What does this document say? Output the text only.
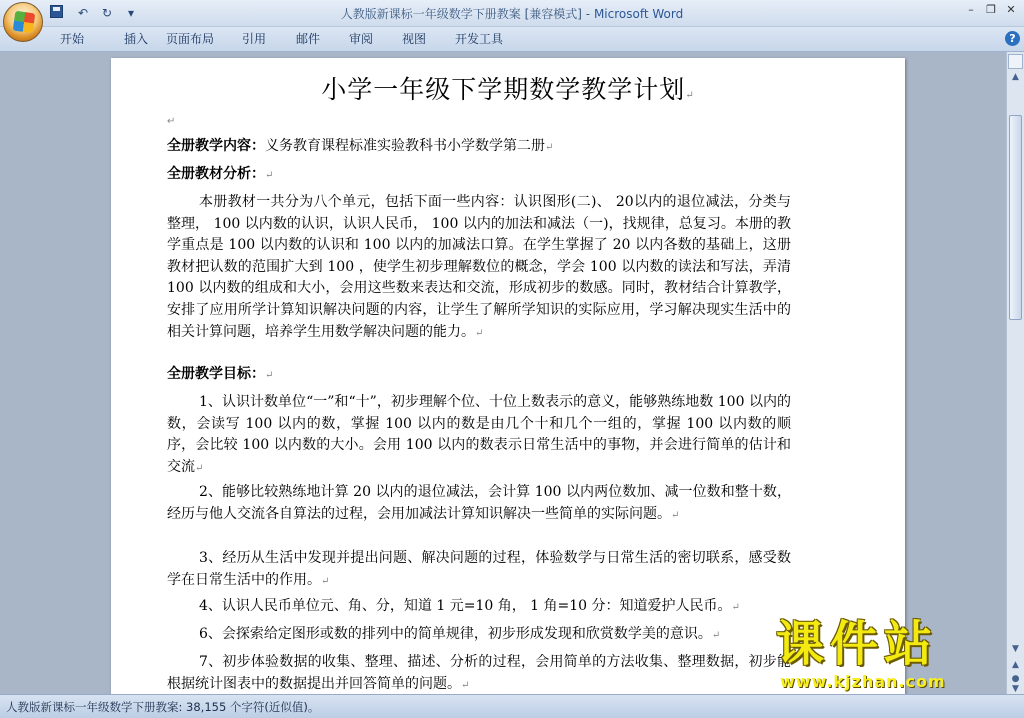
↶	↻	▾	人教版新课标一年级数学下册教案 [兼容模式] - Microsoft Word	–	❐ ✕
开始	插入	页面布局	引用	邮件	审阅	视图	开发工具	?
小学一年级下学期数学教学计划↵
↵
全册教学内容：义务教育课程标准实验教科书小学数学第二册↵
全册教材分析：↵
本册教材一共分为八个单元，包括下面一些内容：认识图形(二)、 20以内的退位减法，分类与整理， 100 以内数的认识，认识人民币， 100 以内的加法和减法（一)，找规律，总复习。本册的教学重点是 100 以内数的认识和 100 以内的加减法口算。在学生掌握了 20 以内各数的基础上，这册教材把认数的范围扩大到 100 ，使学生初步理解数位的概念，学会 100 以内数的读法和写法，弄清 100 以内数的组成和大小，会用这些数来表达和交流，形成初步的数感。同时，教材结合计算教学，安排了应用所学计算知识解决问题的内容，让学生了解所学知识的实际应用，学习解决现实生活中的相关计算问题，培养学生用数学解决问题的能力。↵
全册教学目标：↵
1、认识计数单位“一”和“十”，初步理解个位、十位上数表示的意义，能够熟练地数 100 以内的数，会读写 100 以内的数，掌握 100 以内的数是由几个十和几个一组的，掌握 100 以内数的顺序，会比较 100 以内数的大小。会用 100 以内的数表示日常生活中的事物，并会进行简单的估计和交流↵
2、能够比较熟练地计算 20 以内的退位减法，会计算 100 以内两位数加、减一位数和整十数，经历与他人交流各自算法的过程，会用加减法计算知识解决一些简单的实际问题。↵
3、经历从生活中发现并提出问题、解决问题的过程，体验数学与日常生活的密切联系，感受数学在日常生活中的作用。↵
4、认识人民币单位元、角、分，知道 1 元=10 角， 1 角=10 分：知道爱护人民币。↵
6、会探索给定图形或数的排列中的简单规律，初步形成发现和欣赏数学美的意识。↵
7、初步体验数据的收集、整理、描述、分析的过程，会用简单的方法收集、整理数据，初步能根据统计图表中的数据提出并回答简单的问题。↵
▲
▼
▲
●
▼
人教版新课标一年级数学下册教案: 38,155 个字符(近似值)。
课件站
www.kjzhan.com
